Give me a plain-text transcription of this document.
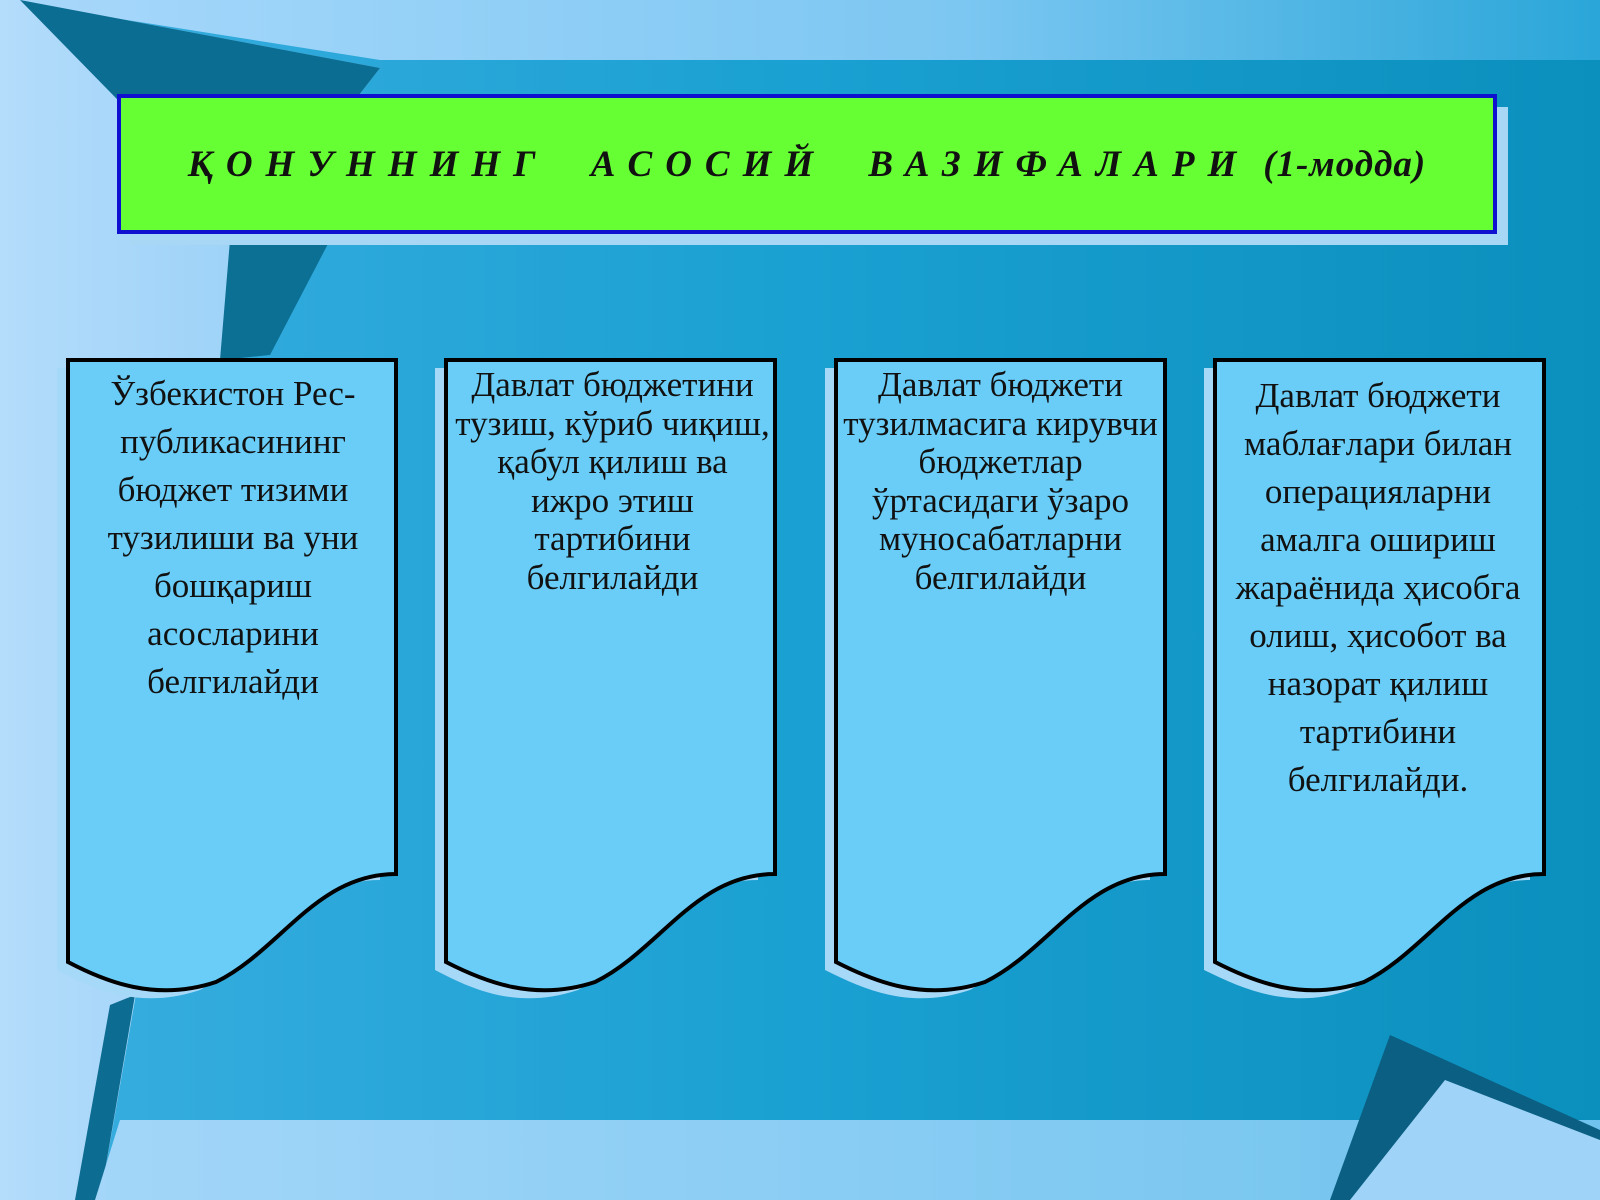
ҚОНУННИНГ АСОСИЙ ВАЗИФАЛАРИ (1-модда)
Ўзбекистон Рес-публикасининг бюджет тизими тузилиши ва уни бошқариш асосларини белгилайди
Давлат бюджетини тузиш, кўриб чиқиш, қабул қилиш ва ижро этиш тартибини белгилайди
Давлат бюджети тузилмасига кирувчи бюджетлар ўртасидаги ўзаро муносабатларни белгилайди
Давлат бюджети маблағлари билан операцияларни амалга ошириш жараёнида ҳисобга олиш, ҳисобот ва назорат қилиш тартибини белгилайди.
